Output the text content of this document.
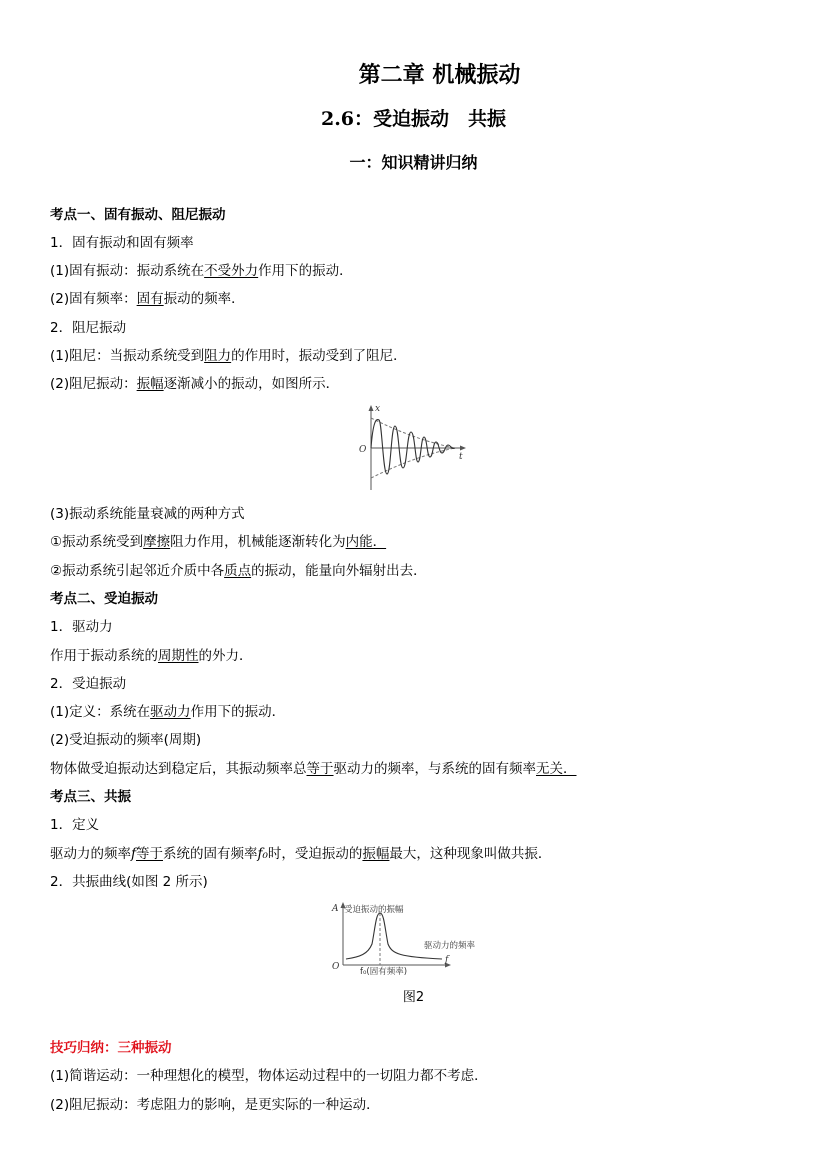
第二章 机械振动
2.6：受迫振动　共振
一：知识精讲归纳
考点一、固有振动、阻尼振动
1．固有振动和固有频率
(1)固有振动：振动系统在不受外力作用下的振动．
(2)固有频率：固有振动的频率．
2．阻尼振动
(1)阻尼：当振动系统受到阻力的作用时，振动受到了阻尼．
(2)阻尼振动：振幅逐渐减小的振动，如图所示．
x
O
t
(3)振动系统能量衰减的两种方式
①振动系统受到摩擦阻力作用，机械能逐渐转化为内能．
②振动系统引起邻近介质中各质点的振动，能量向外辐射出去．
考点二、受迫振动
1．驱动力
作用于振动系统的周期性的外力．
2．受迫振动
(1)定义：系统在驱动力作用下的振动．
(2)受迫振动的频率(周期)
物体做受迫振动达到稳定后，其振动频率总等于驱动力的频率，与系统的固有频率无关．
考点三、共振
1．定义
驱动力的频率f等于系统的固有频率f₀时，受迫振动的振幅最大，这种现象叫做共振．
2．共振曲线(如图 2 所示)
A 受迫振动的振幅
驱动力的频率
O
f
f₀(固有频率)
图2
技巧归纳：三种振动
(1)简谐运动：一种理想化的模型，物体运动过程中的一切阻力都不考虑．
(2)阻尼振动：考虑阻力的影响，是更实际的一种运动．
